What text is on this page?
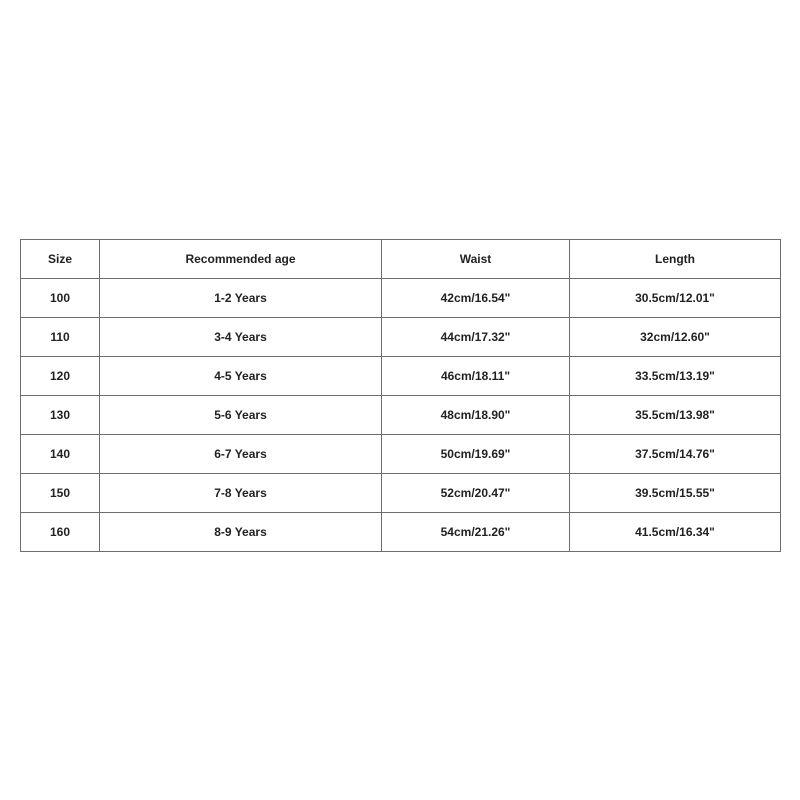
Size	Recommended age	Waist	Length
100	1-2 Years	42cm/16.54"	30.5cm/12.01"
110	3-4 Years	44cm/17.32"	32cm/12.60"
120	4-5 Years	46cm/18.11"	33.5cm/13.19"
130	5-6 Years	48cm/18.90"	35.5cm/13.98"
140	6-7 Years	50cm/19.69"	37.5cm/14.76"
150	7-8 Years	52cm/20.47"	39.5cm/15.55"
160	8-9 Years	54cm/21.26"	41.5cm/16.34"
